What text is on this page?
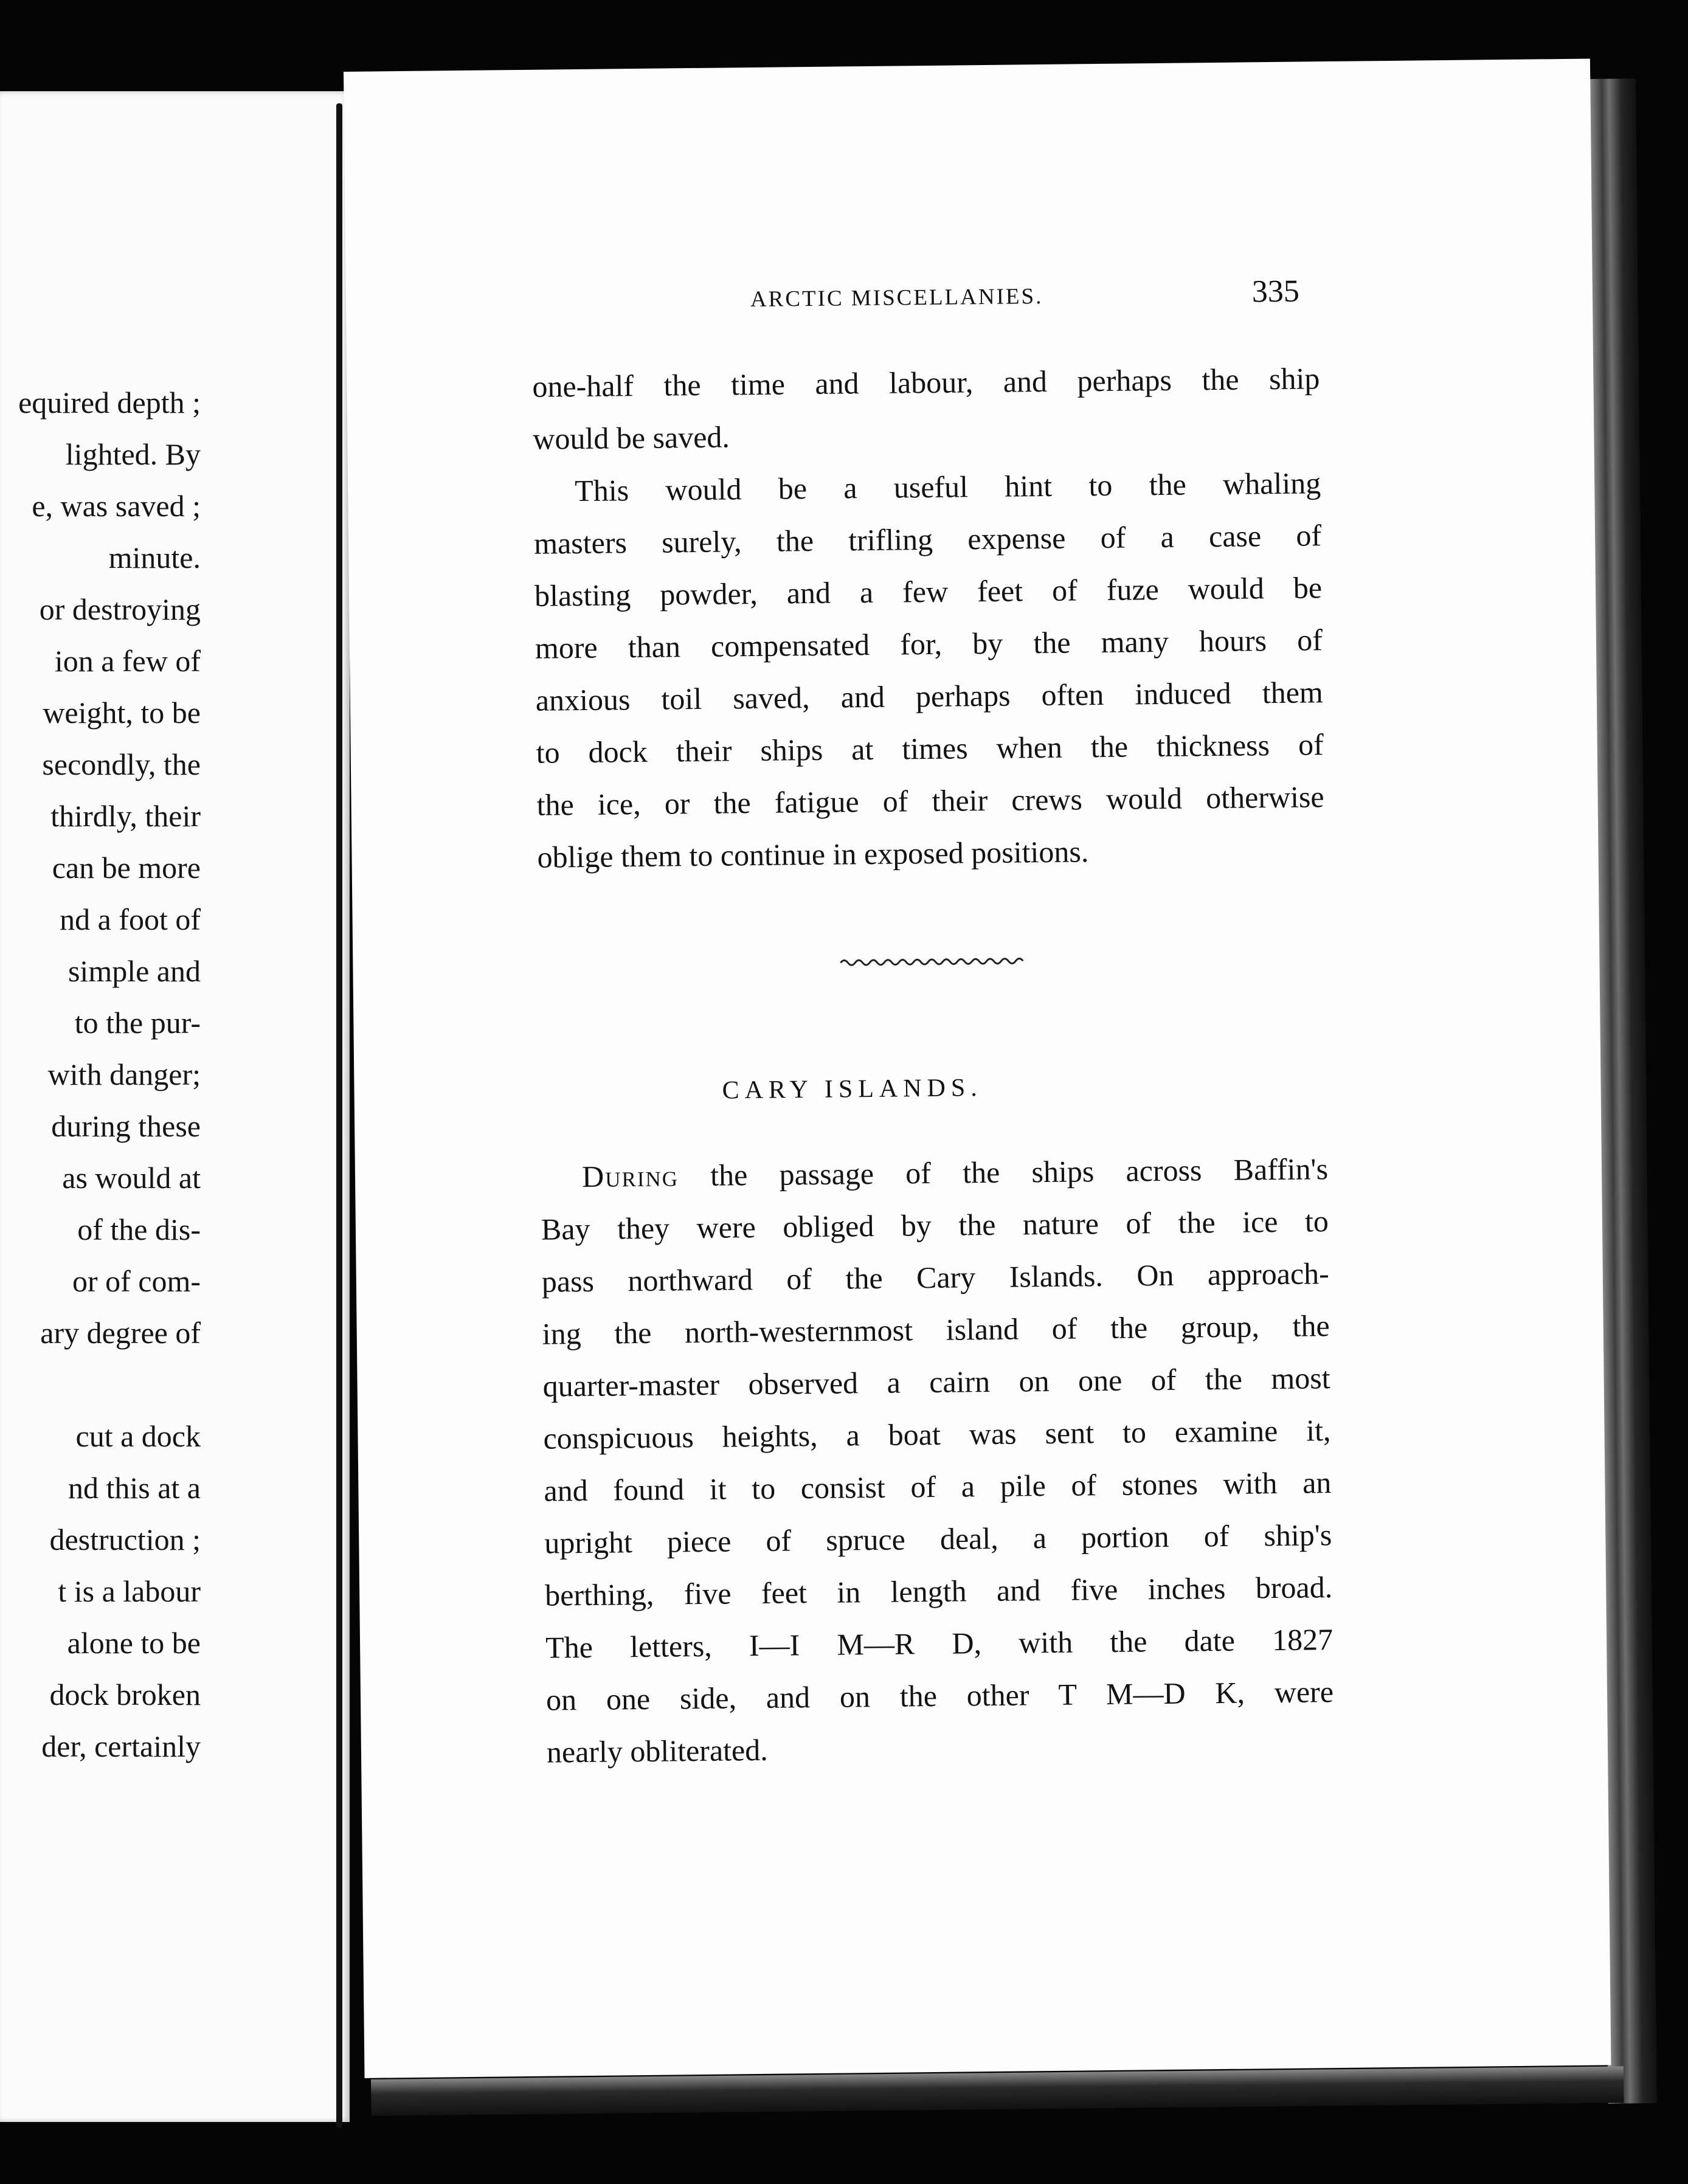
equired depth ;
lighted. By
e, was saved ;
minute.
or destroying
ion a few of
weight, to be
secondly, the
thirdly, their
can be more
nd a foot of
simple and
to the pur-
with danger;
during these
as would at
of the dis-
or of com-
ary degree of

cut a dock
nd this at a
destruction ;
t is a labour
alone to be
dock broken
der, certainly
ARCTIC MISCELLANIES.	335
one-half the time and labour, and perhaps the ship
would be saved.
This would be a useful hint to the whaling
masters surely, the trifling expense of a case of
blasting powder, and a few feet of fuze would be
more than compensated for, by the many hours of
anxious toil saved, and perhaps often induced them
to dock their ships at times when the thickness of
the ice, or the fatigue of their crews would otherwise
oblige them to continue in exposed positions.
CARY ISLANDS.
During the passage of the ships across Baffin's
Bay they were obliged by the nature of the ice to
pass northward of the Cary Islands. On approach-
ing the north-westernmost island of the group, the
quarter-master observed a cairn on one of the most
conspicuous heights, a boat was sent to examine it,
and found it to consist of a pile of stones with an
upright piece of spruce deal, a portion of ship's
berthing, five feet in length and five inches broad.
The letters, I—I M—R D, with the date 1827
on one side, and on the other T M—D K, were
nearly obliterated.
